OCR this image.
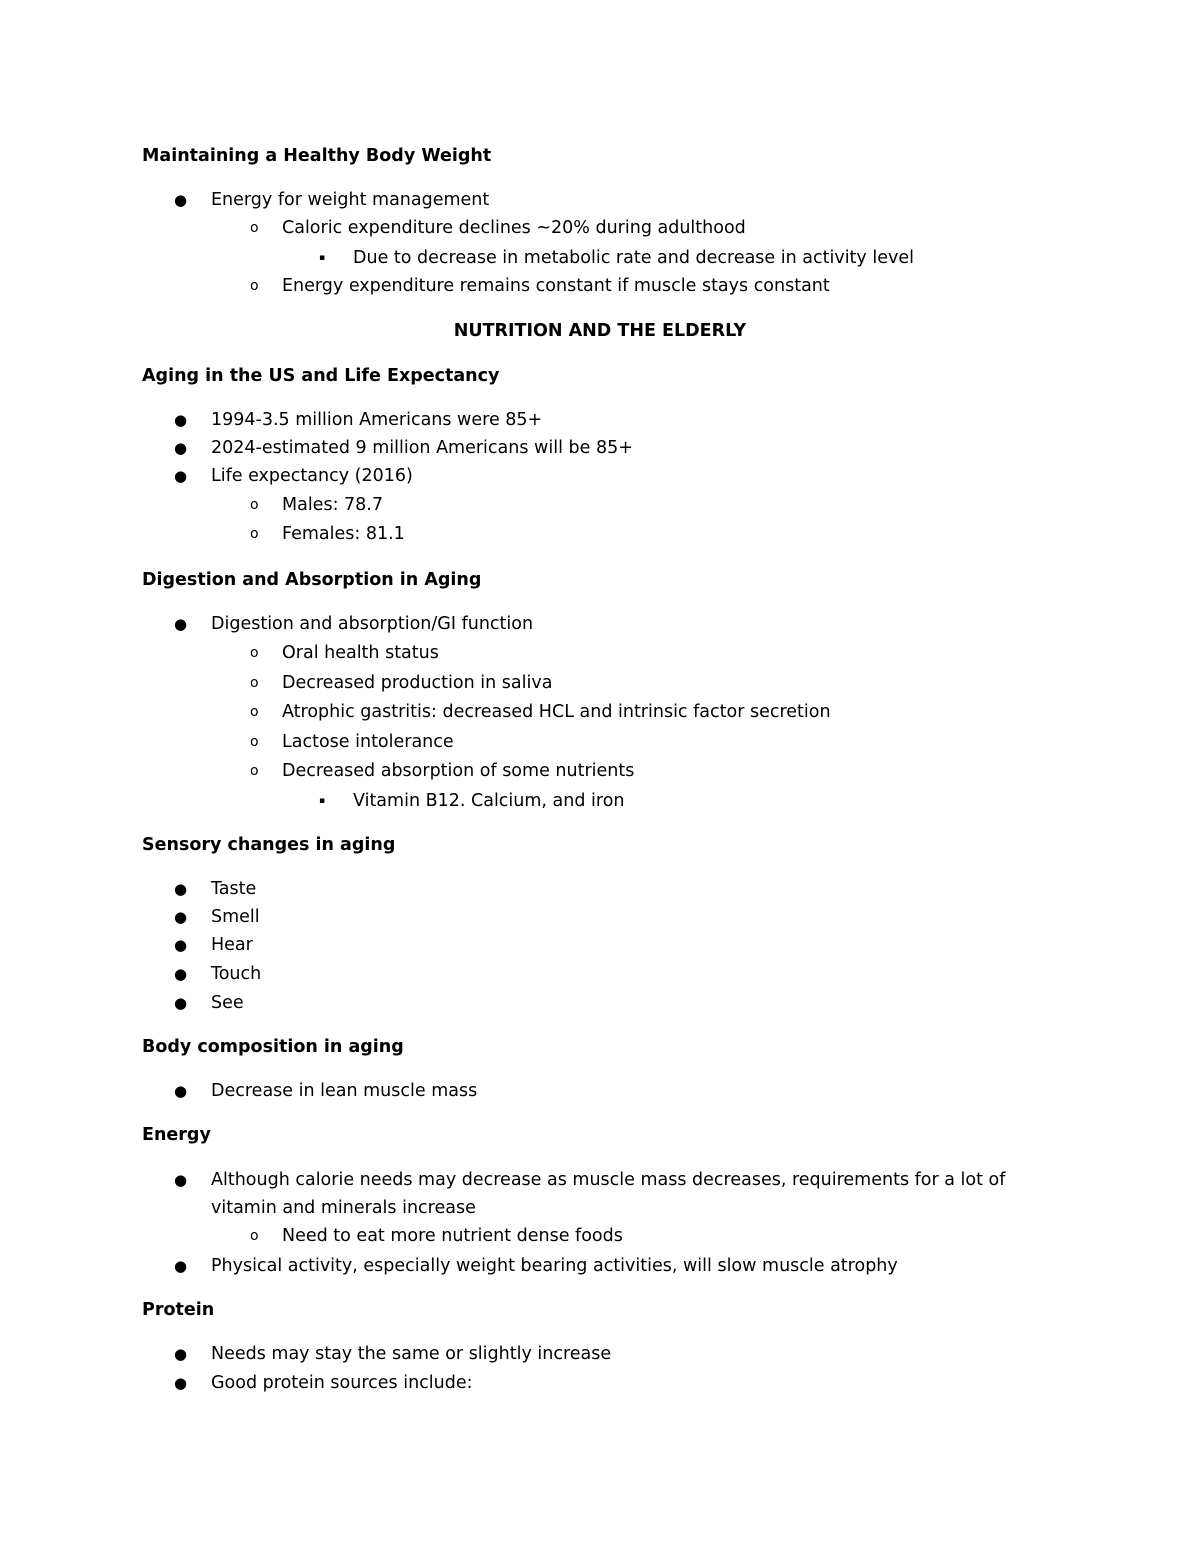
Maintaining a Healthy Body Weight
● Energy for weight management
o Caloric expenditure declines ~20% during adulthood
▪ Due to decrease in metabolic rate and decrease in activity level
o Energy expenditure remains constant if muscle stays constant
NUTRITION AND THE ELDERLY
Aging in the US and Life Expectancy
● 1994-3.5 million Americans were 85+
● 2024-estimated 9 million Americans will be 85+
● Life expectancy (2016)
o Males: 78.7
o Females: 81.1
Digestion and Absorption in Aging
● Digestion and absorption/GI function
o Oral health status
o Decreased production in saliva
o Atrophic gastritis: decreased HCL and intrinsic factor secretion
o Lactose intolerance
o Decreased absorption of some nutrients
▪ Vitamin B12. Calcium, and iron
Sensory changes in aging
● Taste
● Smell
● Hear
● Touch
● See
Body composition in aging
● Decrease in lean muscle mass
Energy
● Although calorie needs may decrease as muscle mass decreases, requirements for a lot of vitamin and minerals increase
o Need to eat more nutrient dense foods
● Physical activity, especially weight bearing activities, will slow muscle atrophy
Protein
● Needs may stay the same or slightly increase
● Good protein sources include:
